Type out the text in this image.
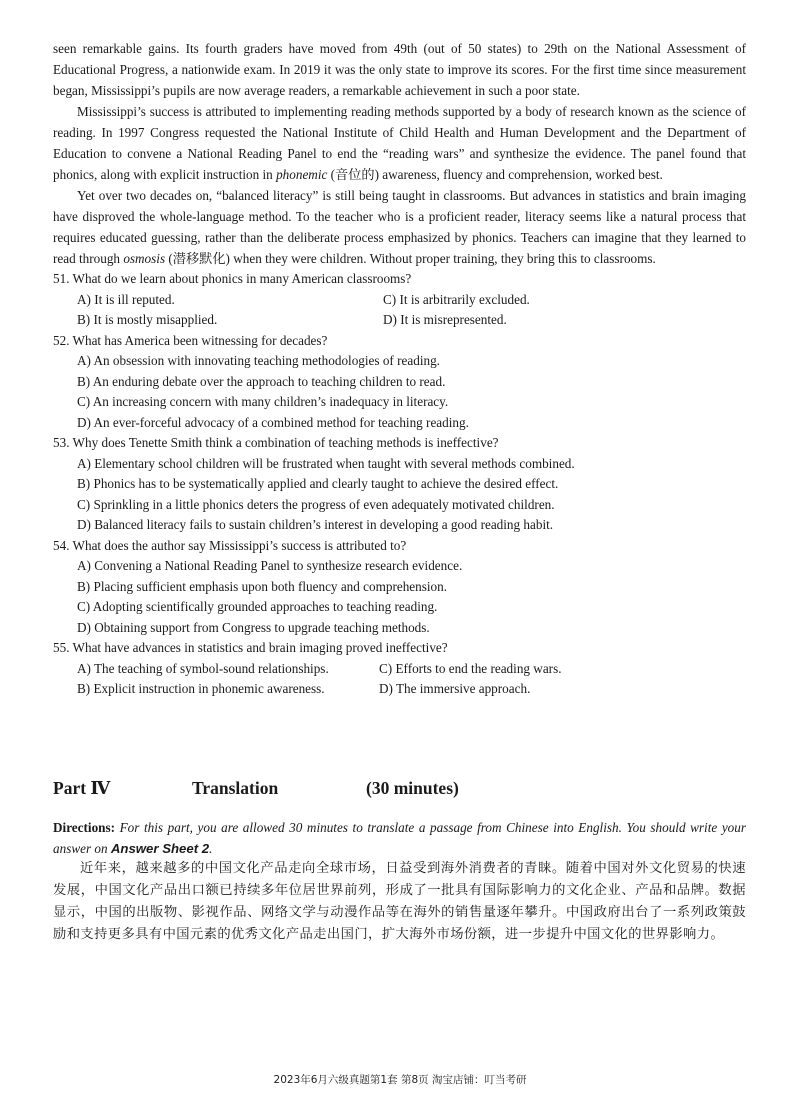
seen remarkable gains. Its fourth graders have moved from 49th (out of 50 states) to 29th on the National Assessment of Educational Progress, a nationwide exam. In 2019 it was the only state to improve its scores. For the first time since measurement began, Mississippi’s pupils are now average readers, a remarkable achievement in such a poor state.

Mississippi’s success is attributed to implementing reading methods supported by a body of research known as the science of reading. In 1997 Congress requested the National Institute of Child Health and Human Development and the Department of Education to convene a National Reading Panel to end the “reading wars” and synthesize the evidence. The panel found that phonics, along with explicit instruction in phonemic (音位的) awareness, fluency and comprehension, worked best.

Yet over two decades on, “balanced literacy” is still being taught in classrooms. But advances in statistics and brain imaging have disproved the whole-language method. To the teacher who is a proficient reader, literacy seems like a natural process that requires educated guessing, rather than the deliberate process emphasized by phonics. Teachers can imagine that they learned to read through osmosis (潜移默化) when they were children. Without proper training, they bring this to classrooms.

51. What do we learn about phonics in many American classrooms?

A) It is ill reputed.	C) It is arbitrarily excluded.
B) It is mostly misapplied.	D) It is misrepresented.

52. What has America been witnessing for decades?

A) An obsession with innovating teaching methodologies of reading.

B) An enduring debate over the approach to teaching children to read.

C) An increasing concern with many children’s inadequacy in literacy.

D) An ever-forceful advocacy of a combined method for teaching reading.

53. Why does Tenette Smith think a combination of teaching methods is ineffective?

A) Elementary school children will be frustrated when taught with several methods combined.

B) Phonics has to be systematically applied and clearly taught to achieve the desired effect.

C) Sprinkling in a little phonics deters the progress of even adequately motivated children.

D) Balanced literacy fails to sustain children’s interest in developing a good reading habit.

54. What does the author say Mississippi’s success is attributed to?

A) Convening a National Reading Panel to synthesize research evidence.

B) Placing sufficient emphasis upon both fluency and comprehension.

C) Adopting scientifically grounded approaches to teaching reading.

D) Obtaining support from Congress to upgrade teaching methods.

55. What have advances in statistics and brain imaging proved ineffective?

A) The teaching of symbol-sound relationships.	C) Efforts to end the reading wars.
B) Explicit instruction in phonemic awareness.	D) The immersive approach.
Part Ⅳ	Translation	(30 minutes)
Directions: For this part, you are allowed 30 minutes to translate a passage from Chinese into English. You should write your answer on Answer Sheet 2.
近年来，越来越多的中国文化产品走向全球市场，日益受到海外消费者的青睐。随着中国对外文化贸易的快速发展，中国文化产品出口额已持续多年位居世界前列，形成了一批具有国际影响力的文化企业、产品和品牌。数据显示，中国的出版物、影视作品、网络文学与动漫作品等在海外的销售量逐年攀升。中国政府出台了一系列政策鼓励和支持更多具有中国元素的优秀文化产品走出国门，扩大海外市场份额，进一步提升中国文化的世界影响力。
2023年6月六级真题第1套 第8页 淘宝店铺：叮当考研
